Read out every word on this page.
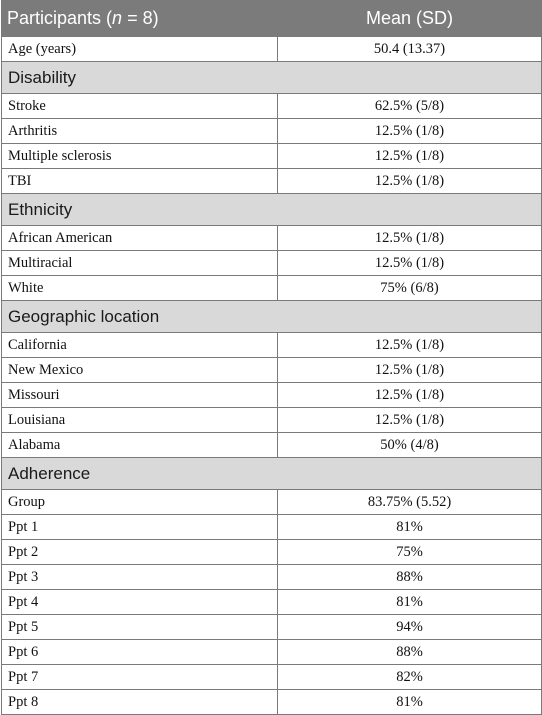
Participants (n = 8)	Mean (SD)
Age (years)	50.4 (13.37)
Disability	
Stroke	62.5% (5/8)
Arthritis	12.5% (1/8)
Multiple sclerosis	12.5% (1/8)
TBI	12.5% (1/8)
Ethnicity	
African American	12.5% (1/8)
Multiracial	12.5% (1/8)
White	75% (6/8)
Geographic location	
California	12.5% (1/8)
New Mexico	12.5% (1/8)
Missouri	12.5% (1/8)
Louisiana	12.5% (1/8)
Alabama	50% (4/8)
Adherence	
Group	83.75% (5.52)
Ppt 1	81%
Ppt 2	75%
Ppt 3	88%
Ppt 4	81%
Ppt 5	94%
Ppt 6	88%
Ppt 7	82%
Ppt 8	81%
